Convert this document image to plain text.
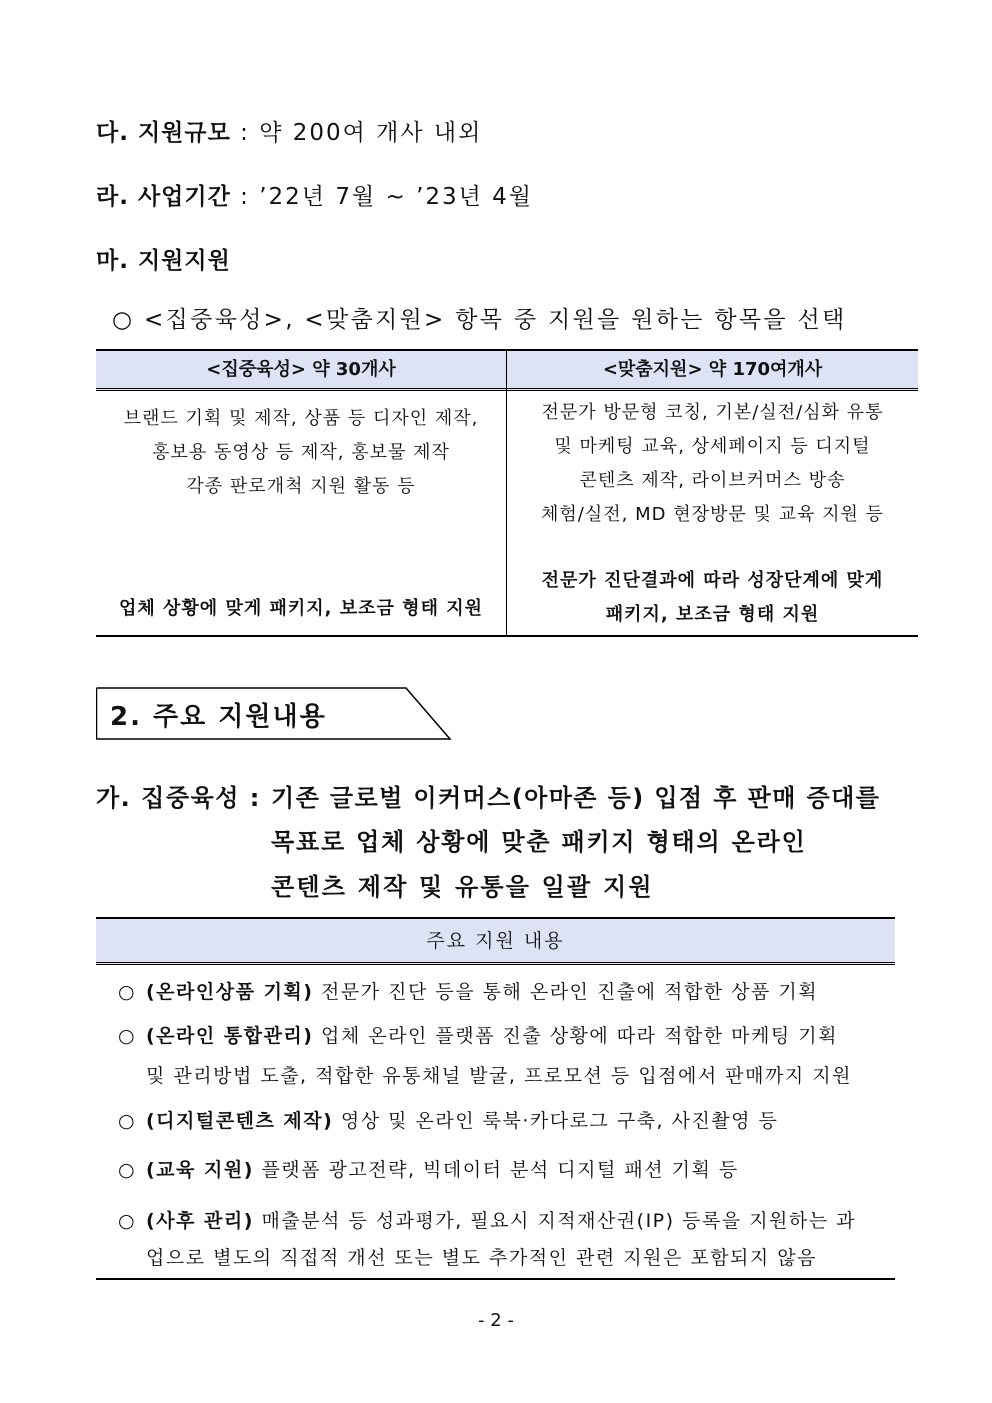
다. 지원규모 : 약 200여 개사 내외
라. 사업기간 : ’22년 7월 ~ ’23년 4월
마. 지원지원
○ <집중육성>, <맞춤지원> 항목 중 지원을 원하는 항목을 선택
<집중육성> 약 30개사	<맞춤지원> 약 170여개사
브랜드 기획 및 제작, 상품 등 디자인 제작,
홍보용 동영상 등 제작, 홍보물 제작
각종 판로개척 지원 활동 등
업체 상황에 맞게 패키지, 보조금 형태 지원
전문가 방문형 코칭, 기본/실전/심화 유통
및 마케팅 교육, 상세페이지 등 디지털
콘텐츠 제작, 라이브커머스 방송
체험/실전, MD 현장방문 및 교육 지원 등
전문가 진단결과에 따라 성장단계에 맞게
패키지, 보조금 형태 지원
2. 주요 지원내용
가. 집중육성 : 기존 글로벌 이커머스(아마존 등) 입점 후 판매 증대를
목표로 업체 상황에 맞춘 패키지 형태의 온라인
콘텐츠 제작 및 유통을 일괄 지원
주요 지원 내용
○ (온라인상품 기획) 전문가 진단 등을 통해 온라인 진출에 적합한 상품 기획
○ (온라인 통합관리) 업체 온라인 플랫폼 진출 상황에 따라 적합한 마케팅 기획
및 관리방법 도출, 적합한 유통채널 발굴, 프로모션 등 입점에서 판매까지 지원
○ (디지털콘텐츠 제작) 영상 및 온라인 룩북·카다로그 구축, 사진촬영 등
○ (교육 지원) 플랫폼 광고전략, 빅데이터 분석 디지털 패션 기획 등
○ (사후 관리) 매출분석 등 성과평가, 필요시 지적재산권(IP) 등록을 지원하는 과
업으로 별도의 직접적 개선 또는 별도 추가적인 관련 지원은 포함되지 않음
- 2 -
